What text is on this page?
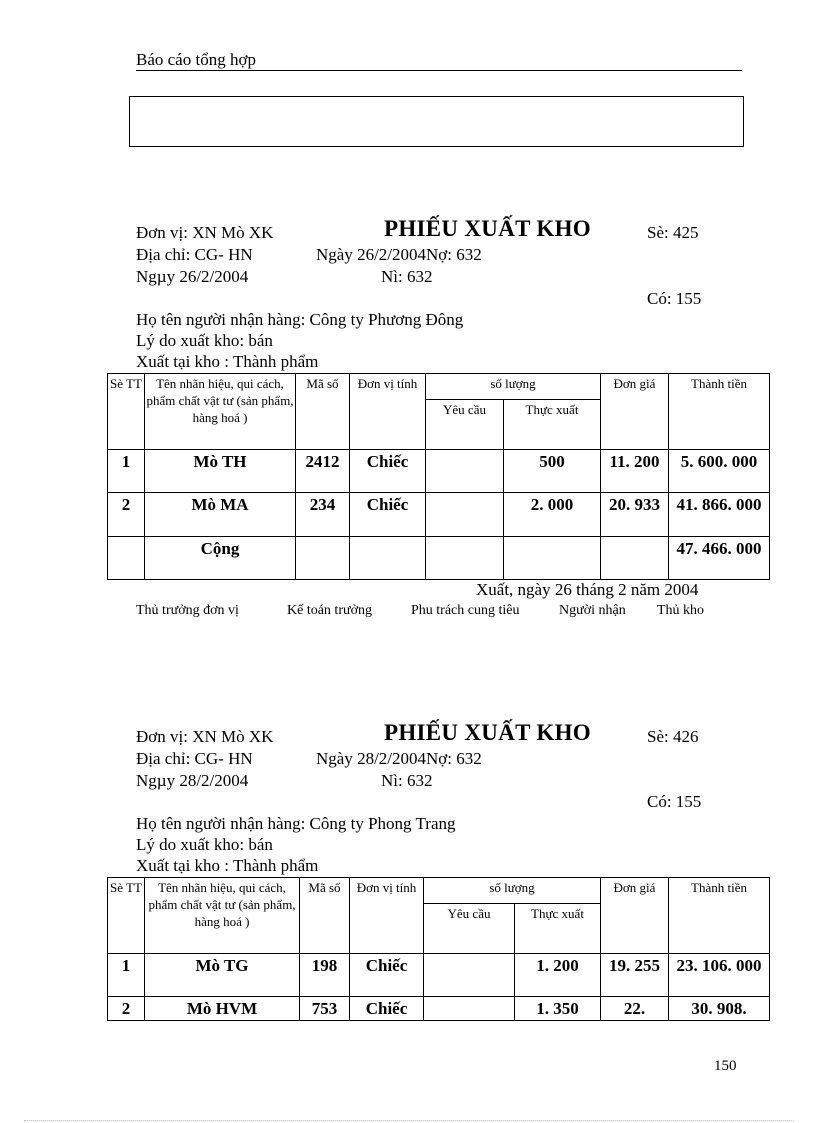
Báo cáo tổng hợp
Đơn vị: XN Mò XK	PHIẾU XUẤT KHO	Sè: 425
Địa chỉ: CG- HN	Ngày 26/2/2004Nợ: 632
Ngµy 26/2/2004	Nì: 632
Có: 155
Họ tên người nhận hàng: Công ty Phương Đông
Lý do xuất kho: bán
Xuất tại kho : Thành phẩm
Sè TT	Tên nhãn hiệu, qui cách, phẩm chất vật tư (sản phẩm, hàng hoá )	Mã số	Đơn vị tính	số lượng		Đơn giá	Thành tiền
				Yêu cầu	Thực xuất		
1	Mò TH	2412	Chiếc		500	11. 200	5. 600. 000
2	Mò MA	234	Chiếc		2. 000	20. 933	41. 866. 000
	Cộng						47. 466. 000
Xuất, ngày 26 tháng 2 năm 2004
Thủ trưởng đơn vị	Kế toán trưởng	Phu trách cung tiêu	Người nhận Thủ kho
Đơn vị: XN Mò XK	PHIẾU XUẤT KHO	Sè: 426
Địa chỉ: CG- HN	Ngày 28/2/2004Nợ: 632
Ngµy 28/2/2004	Nì: 632
Có: 155
Họ tên người nhận hàng: Công ty Phong Trang
Lý do xuất kho: bán
Xuất tại kho : Thành phẩm
Sè TT	Tên nhãn hiệu, qui cách, phẩm chất vật tư (sản phẩm, hàng hoá )	Mã số	Đơn vị tính	số lượng		Đơn giá	Thành tiền
				Yêu cầu	Thực xuất		
1	Mò TG	198	Chiếc		1. 200	19. 255	23. 106. 000
2	Mò HVM	753	Chiếc		1. 350	22.	30. 908.
150
